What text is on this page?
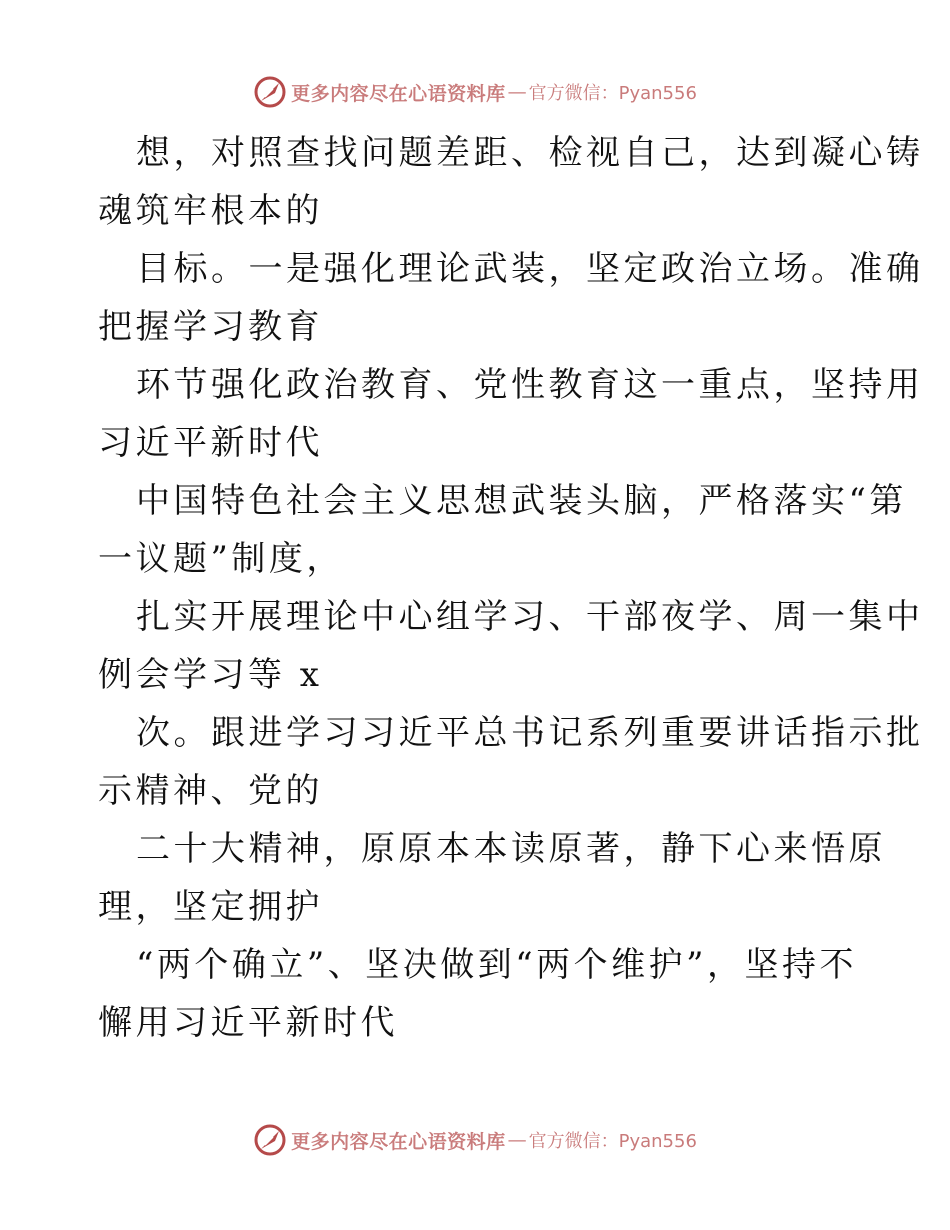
更多内容尽在心语资料库 — 官方微信：Pyan556
想，对照查找问题差距、检视自己，达到凝心铸
魂筑牢根本的
目标。一是强化理论武装，坚定政治立场。准确
把握学习教育
环节强化政治教育、党性教育这一重点，坚持用
习近平新时代
中国特色社会主义思想武装头脑，严格落实“第
一议题”制度，
扎实开展理论中心组学习、干部夜学、周一集中
例会学习等 x
次。跟进学习习近平总书记系列重要讲话指示批
示精神、党的
二十大精神，原原本本读原著，静下心来悟原
理，坚定拥护
“两个确立”、坚决做到“两个维护”，坚持不
懈用习近平新时代
更多内容尽在心语资料库 — 官方微信：Pyan556
